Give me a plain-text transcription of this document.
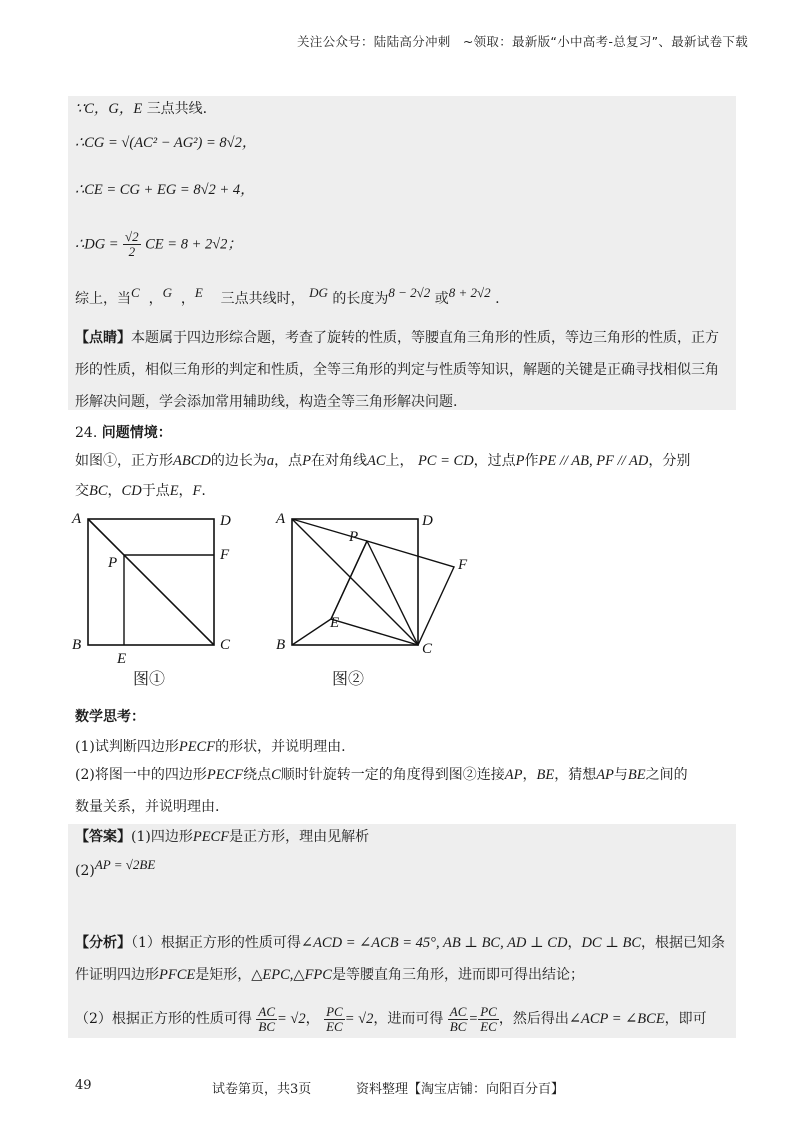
关注公众号：陆陆高分冲刺 ~领取：最新版“小中高考-总复习”、最新试卷下载
∵C，G，E 三点共线.
∴CG = √(AC² − AG²) = 8√2，
∴CE = CG + EG = 8√2 + 4，
∴DG = $\frac{√2}{2}$ CE = 8 + 2√2；
综上，当C  ，G  ，E 三点共线时， DG 的长度为8 − 2√2 或8 + 2√2 .
【点睛】本题属于四边形综合题，考查了旋转的性质，等腰直角三角形的性质，等边三角形的性质，正方
形的性质，相似三角形的判定和性质，全等三角形的判定与性质等知识，解题的关键是正确寻找相似三角
形解决问题，学会添加常用辅助线，构造全等三角形解决问题.
24. 问题情境：
如图①，正方形ABCD的边长为a，点P在对角线AC上， PC = CD，过点P作PE // AB, PF // AD，分别
交BC，CD于点E，F.
A	D
F
P
B	C
E
图①
A	D
F
P
E
B	C
图②
数学思考：
(1)试判断四边形PECF的形状，并说明理由.
(2)将图一中的四边形PECF绕点C顺时针旋转一定的角度得到图②连接AP，BE，猜想AP与BE之间的
数量关系，并说明理由.
【答案】(1)四边形PECF是正方形，理由见解析
(2)AP = √2BE
【分析】（1）根据正方形的性质可得∠ACD = ∠ACB = 45°, AB ⊥ BC, AD ⊥ CD，DC ⊥ BC，根据已知条
件证明四边形PFCE是矩形，△EPC,△FPC是等腰直角三角形，进而即可得出结论；
（2）根据正方形的性质可得 $\frac{AC}{BC} = √2$， $\frac{PC}{EC} = √2$，进而可得 $\frac{AC}{BC} = \frac{PC}{EC}$ ，然后得出∠ACP = ∠BCE，即可
49	试卷第页，共3页	资料整理【淘宝店铺：向阳百分百】
